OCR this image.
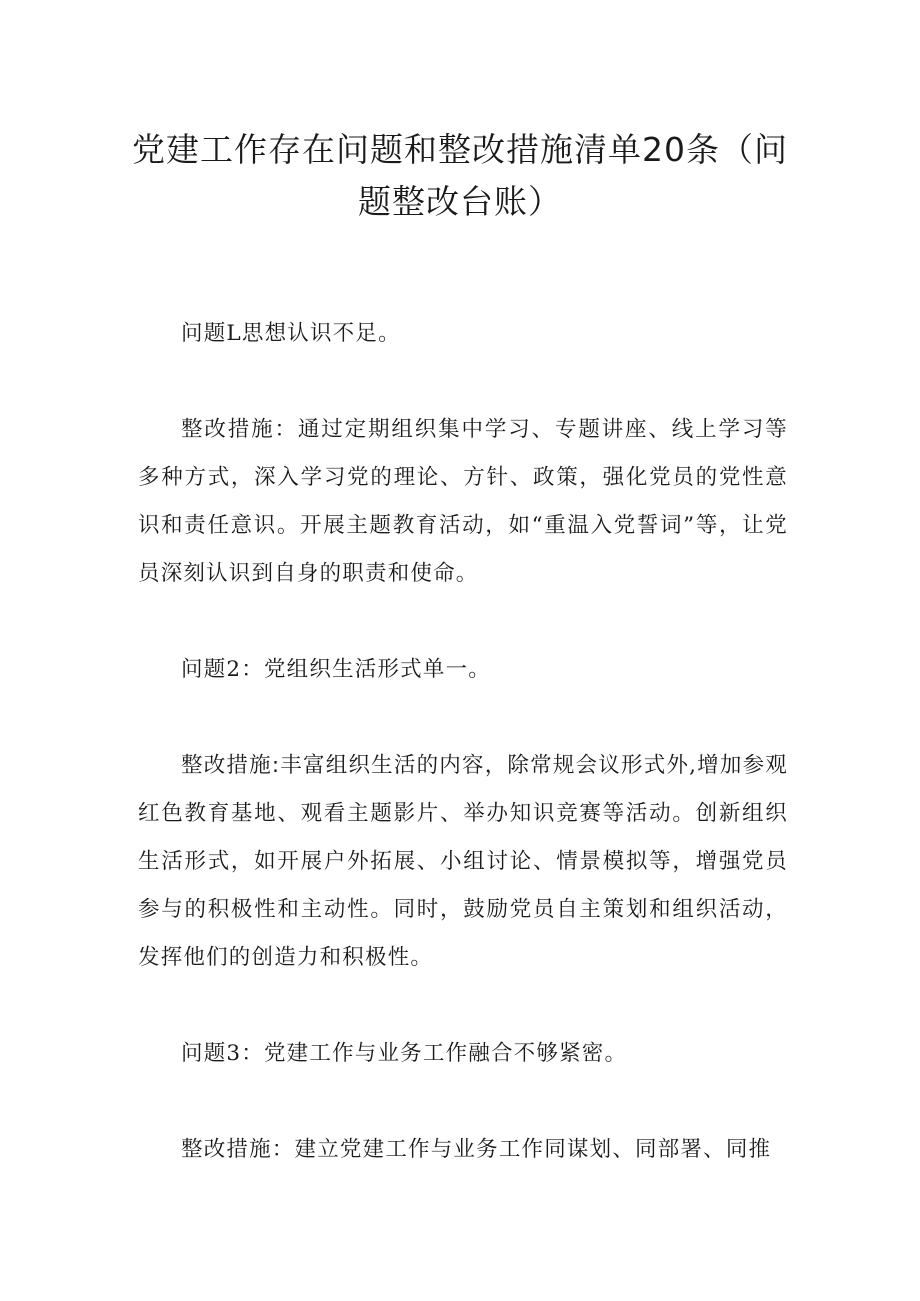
党建工作存在问题和整改措施清单20条（问
题整改台账）

问题L思想认识不足。

整改措施：通过定期组织集中学习、专题讲座、线上学习等多种方式，深入学习党的理论、方针、政策，强化党员的党性意识和责任意识。开展主题教育活动，如“重温入党誓词”等，让党员深刻认识到自身的职责和使命。

问题2：党组织生活形式单一。

整改措施:丰富组织生活的内容，除常规会议形式外,增加参观红色教育基地、观看主题影片、举办知识竞赛等活动。创新组织生活形式，如开展户外拓展、小组讨论、情景模拟等，增强党员参与的积极性和主动性。同时，鼓励党员自主策划和组织活动，发挥他们的创造力和积极性。

问题3：党建工作与业务工作融合不够紧密。

整改措施：建立党建工作与业务工作同谋划、同部署、同推
